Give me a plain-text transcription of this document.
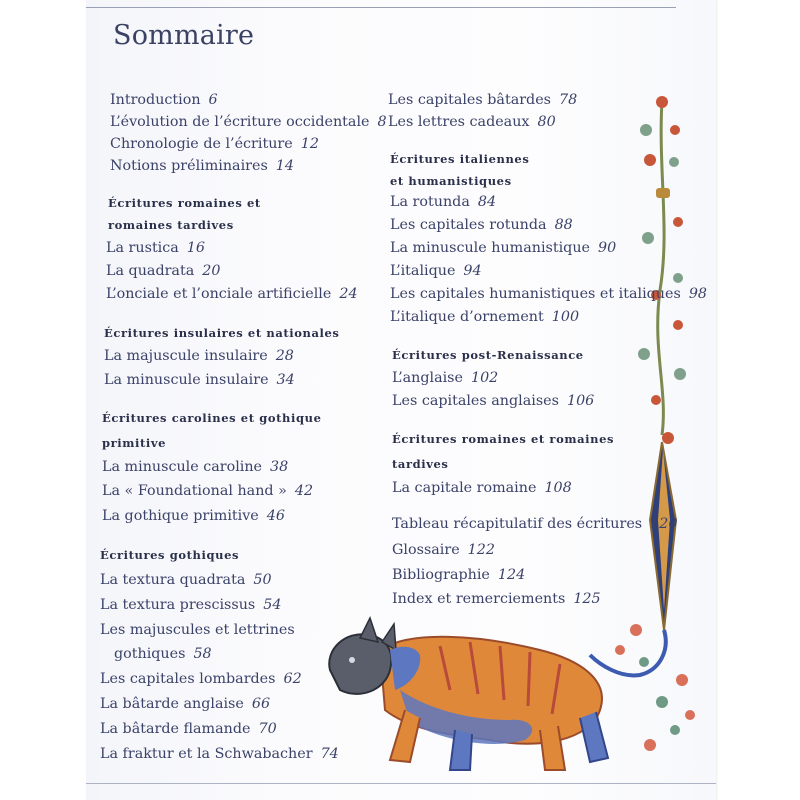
Sommaire
Introduction 6
L’évolution de l’écriture occidentale 8
Chronologie de l’écriture 12
Notions préliminaires 14
Écritures romaines et
romaines tardives
La rustica 16
La quadrata 20
L’onciale et l’onciale artificielle 24
Écritures insulaires et nationales
La majuscule insulaire 28
La minuscule insulaire 34
Écritures carolines et gothique
primitive
La minuscule caroline 38
La « Foundational hand » 42
La gothique primitive 46
Écritures gothiques
La textura quadrata 50
La textura prescissus 54
Les majuscules et lettrines
gothiques 58
Les capitales lombardes 62
La bâtarde anglaise 66
La bâtarde flamande 70
La fraktur et la Schwabacher 74
Les capitales bâtardes 78
Les lettres cadeaux 80
Écritures italiennes
et humanistiques
La rotunda 84
Les capitales rotunda 88
La minuscule humanistique 90
L’italique 94
Les capitales humanistiques et italiques 98
L’italique d’ornement 100
Écritures post-Renaissance
L’anglaise 102
Les capitales anglaises 106
Écritures romaines et romaines
tardives
La capitale romaine 108
Tableau récapitulatif des écritures 120
Glossaire 122
Bibliographie 124
Index et remerciements 125
